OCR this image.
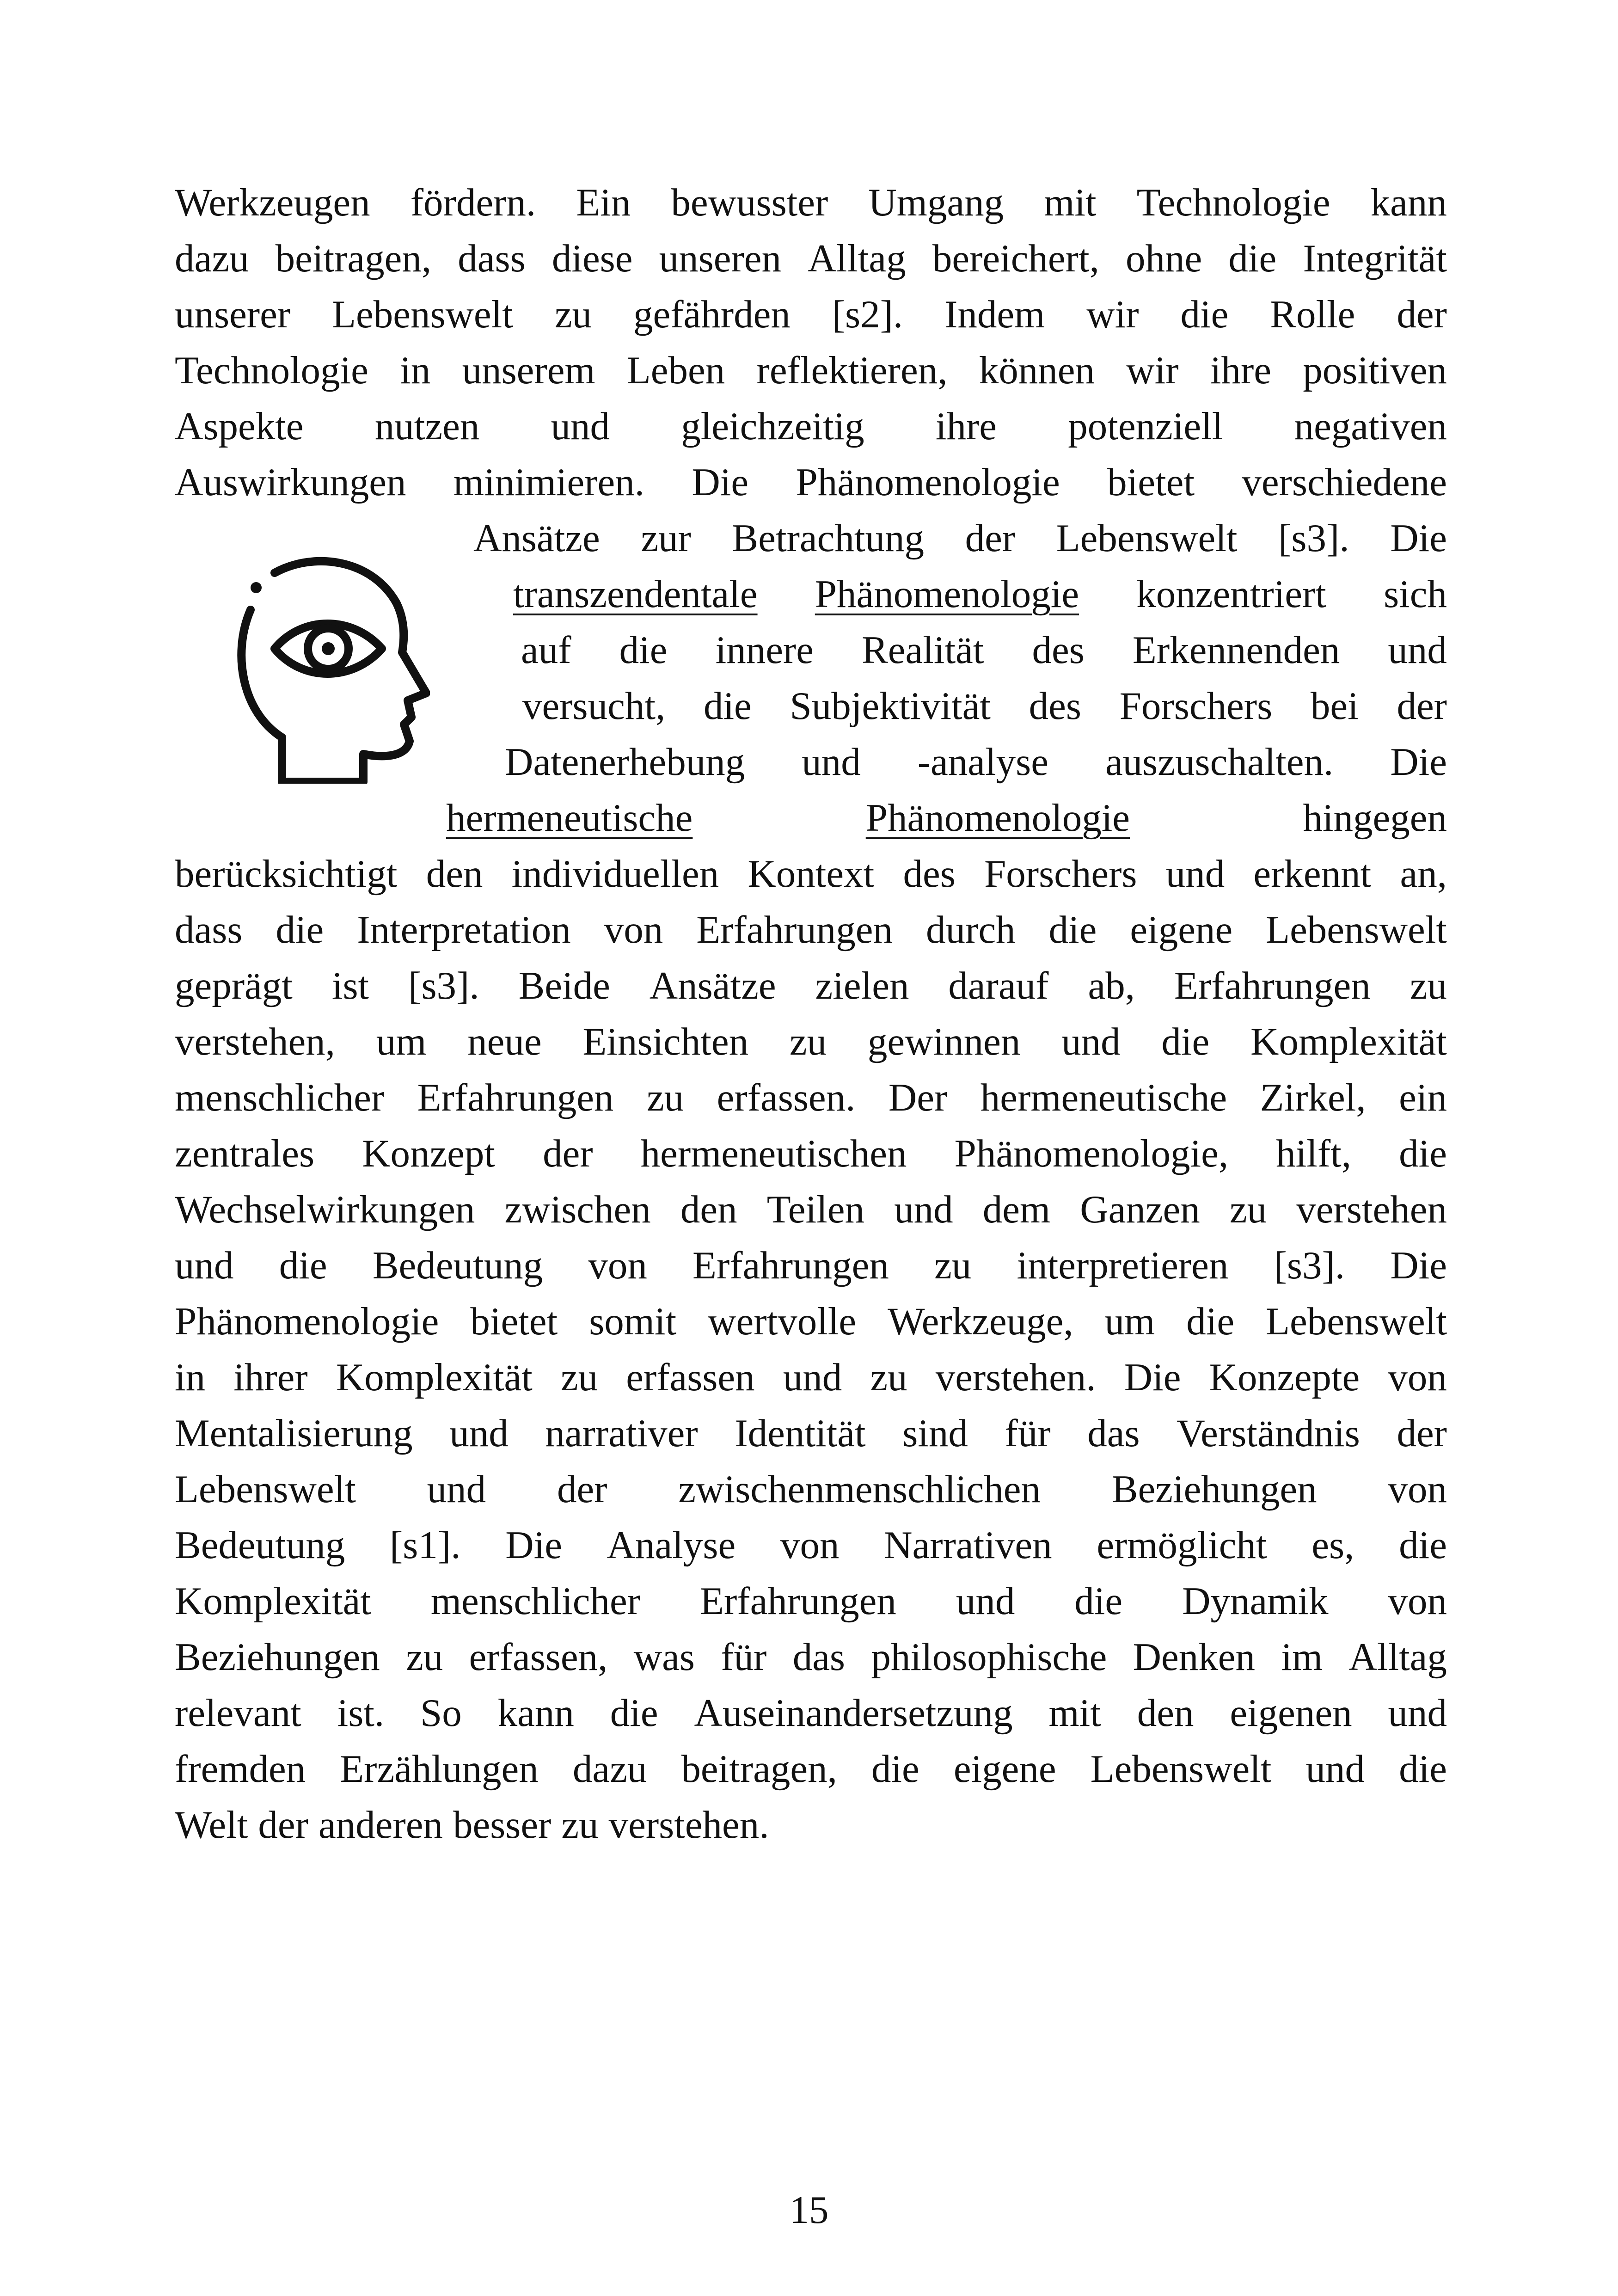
Werkzeugen fördern. Ein bewusster Umgang mit Technologie kann
dazu beitragen, dass diese unseren Alltag bereichert, ohne die Integrität
unserer Lebenswelt zu gefährden [s2]. Indem wir die Rolle der
Technologie in unserem Leben reflektieren, können wir ihre positiven
Aspekte nutzen und gleichzeitig ihre potenziell negativen
Auswirkungen minimieren. Die Phänomenologie bietet verschiedene
Ansätze zur Betrachtung der Lebenswelt [s3]. Die
transzendentale Phänomenologie konzentriert sich
auf die innere Realität des Erkennenden und
versucht, die Subjektivität des Forschers bei der
Datenerhebung und -analyse auszuschalten. Die
hermeneutische	Phänomenologie	hingegen
berücksichtigt den individuellen Kontext des Forschers und erkennt an,
dass die Interpretation von Erfahrungen durch die eigene Lebenswelt
geprägt ist [s3]. Beide Ansätze zielen darauf ab, Erfahrungen zu
verstehen, um neue Einsichten zu gewinnen und die Komplexität
menschlicher Erfahrungen zu erfassen. Der hermeneutische Zirkel, ein
zentrales Konzept der hermeneutischen Phänomenologie, hilft, die
Wechselwirkungen zwischen den Teilen und dem Ganzen zu verstehen
und die Bedeutung von Erfahrungen zu interpretieren [s3]. Die
Phänomenologie bietet somit wertvolle Werkzeuge, um die Lebenswelt
in ihrer Komplexität zu erfassen und zu verstehen. Die Konzepte von
Mentalisierung und narrativer Identität sind für das Verständnis der
Lebenswelt und der zwischenmenschlichen Beziehungen von
Bedeutung [s1]. Die Analyse von Narrativen ermöglicht es, die
Komplexität menschlicher Erfahrungen und die Dynamik von
Beziehungen zu erfassen, was für das philosophische Denken im Alltag
relevant ist. So kann die Auseinandersetzung mit den eigenen und
fremden Erzählungen dazu beitragen, die eigene Lebenswelt und die
Welt der anderen besser zu verstehen.
15
